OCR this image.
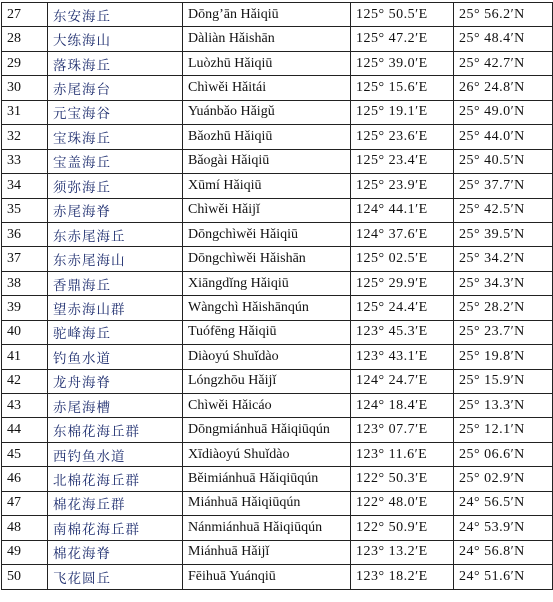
27	东安海丘	Dōng’ān Hǎiqiū	125° 50.5′E	25° 56.2′N
28	大练海山	Dàliàn Hǎishān	125° 47.2′E	25° 48.4′N
29	落珠海丘	Luòzhū Hǎiqiū	125° 39.0′E	25° 42.7′N
30	赤尾海台	Chìwěi Hǎitái	125° 15.6′E	26° 24.8′N
31	元宝海谷	Yuánbǎo Hǎigǔ	125° 19.1′E	25° 49.0′N
32	宝珠海丘	Bǎozhū Hǎiqiū	125° 23.6′E	25° 44.0′N
33	宝盖海丘	Bǎogài Hǎiqiū	125° 23.4′E	25° 40.5′N
34	须弥海丘	Xūmí Hǎiqiū	125° 23.9′E	25° 37.7′N
35	赤尾海脊	Chìwěi Hǎijǐ	124° 44.1′E	25° 42.5′N
36	东赤尾海丘	Dōngchìwěi Hǎiqiū	124° 37.6′E	25° 39.5′N
37	东赤尾海山	Dōngchìwěi Hǎishān	125° 02.5′E	25° 34.2′N
38	香鼎海丘	Xiāngdǐng Hǎiqiū	125° 29.9′E	25° 34.3′N
39	望赤海山群	Wàngchì Hǎishānqún	125° 24.4′E	25° 28.2′N
40	驼峰海丘	Tuófēng Hǎiqiū	123° 45.3′E	25° 23.7′N
41	钓鱼水道	Diàoyú Shuǐdào	123° 43.1′E	25° 19.8′N
42	龙舟海脊	Lóngzhōu Hǎijǐ	124° 24.7′E	25° 15.9′N
43	赤尾海槽	Chìwěi Hǎicáo	124° 18.4′E	25° 13.3′N
44	东棉花海丘群	Dōngmiánhuā Hǎiqiūqún	123° 07.7′E	25° 12.1′N
45	西钓鱼水道	Xīdiàoyú Shuǐdào	123° 11.6′E	25° 06.6′N
46	北棉花海丘群	Běimiánhuā Hǎiqiūqún	122° 50.3′E	25° 02.9′N
47	棉花海丘群	Miánhuā Hǎiqiūqún	122° 48.0′E	24° 56.5′N
48	南棉花海丘群	Nánmiánhuā Hǎiqiūqún	122° 50.9′E	24° 53.9′N
49	棉花海脊	Miánhuā Hǎijǐ	123° 13.2′E	24° 56.8′N
50	飞花圆丘	Fēihuā Yuánqiū	123° 18.2′E	24° 51.6′N
